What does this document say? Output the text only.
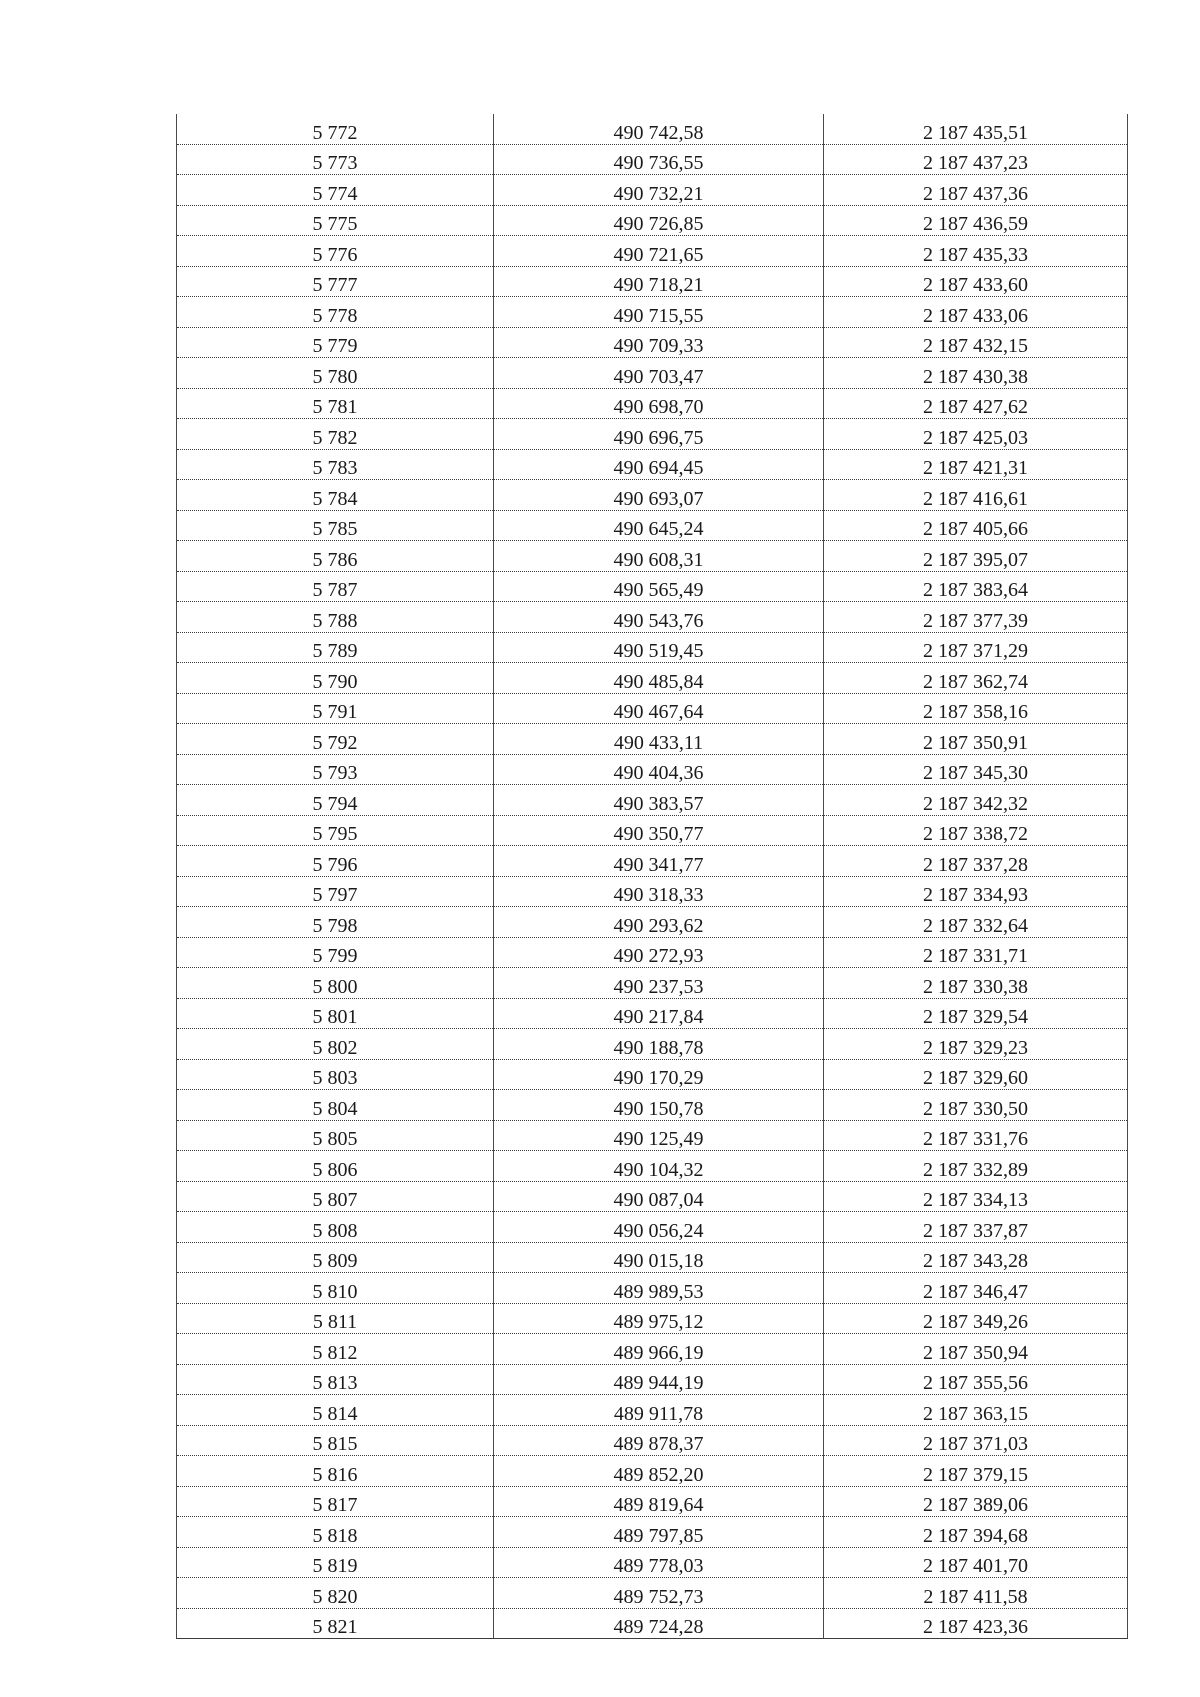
5 772	490 742,58	2 187 435,51
5 773	490 736,55	2 187 437,23
5 774	490 732,21	2 187 437,36
5 775	490 726,85	2 187 436,59
5 776	490 721,65	2 187 435,33
5 777	490 718,21	2 187 433,60
5 778	490 715,55	2 187 433,06
5 779	490 709,33	2 187 432,15
5 780	490 703,47	2 187 430,38
5 781	490 698,70	2 187 427,62
5 782	490 696,75	2 187 425,03
5 783	490 694,45	2 187 421,31
5 784	490 693,07	2 187 416,61
5 785	490 645,24	2 187 405,66
5 786	490 608,31	2 187 395,07
5 787	490 565,49	2 187 383,64
5 788	490 543,76	2 187 377,39
5 789	490 519,45	2 187 371,29
5 790	490 485,84	2 187 362,74
5 791	490 467,64	2 187 358,16
5 792	490 433,11	2 187 350,91
5 793	490 404,36	2 187 345,30
5 794	490 383,57	2 187 342,32
5 795	490 350,77	2 187 338,72
5 796	490 341,77	2 187 337,28
5 797	490 318,33	2 187 334,93
5 798	490 293,62	2 187 332,64
5 799	490 272,93	2 187 331,71
5 800	490 237,53	2 187 330,38
5 801	490 217,84	2 187 329,54
5 802	490 188,78	2 187 329,23
5 803	490 170,29	2 187 329,60
5 804	490 150,78	2 187 330,50
5 805	490 125,49	2 187 331,76
5 806	490 104,32	2 187 332,89
5 807	490 087,04	2 187 334,13
5 808	490 056,24	2 187 337,87
5 809	490 015,18	2 187 343,28
5 810	489 989,53	2 187 346,47
5 811	489 975,12	2 187 349,26
5 812	489 966,19	2 187 350,94
5 813	489 944,19	2 187 355,56
5 814	489 911,78	2 187 363,15
5 815	489 878,37	2 187 371,03
5 816	489 852,20	2 187 379,15
5 817	489 819,64	2 187 389,06
5 818	489 797,85	2 187 394,68
5 819	489 778,03	2 187 401,70
5 820	489 752,73	2 187 411,58
5 821	489 724,28	2 187 423,36
